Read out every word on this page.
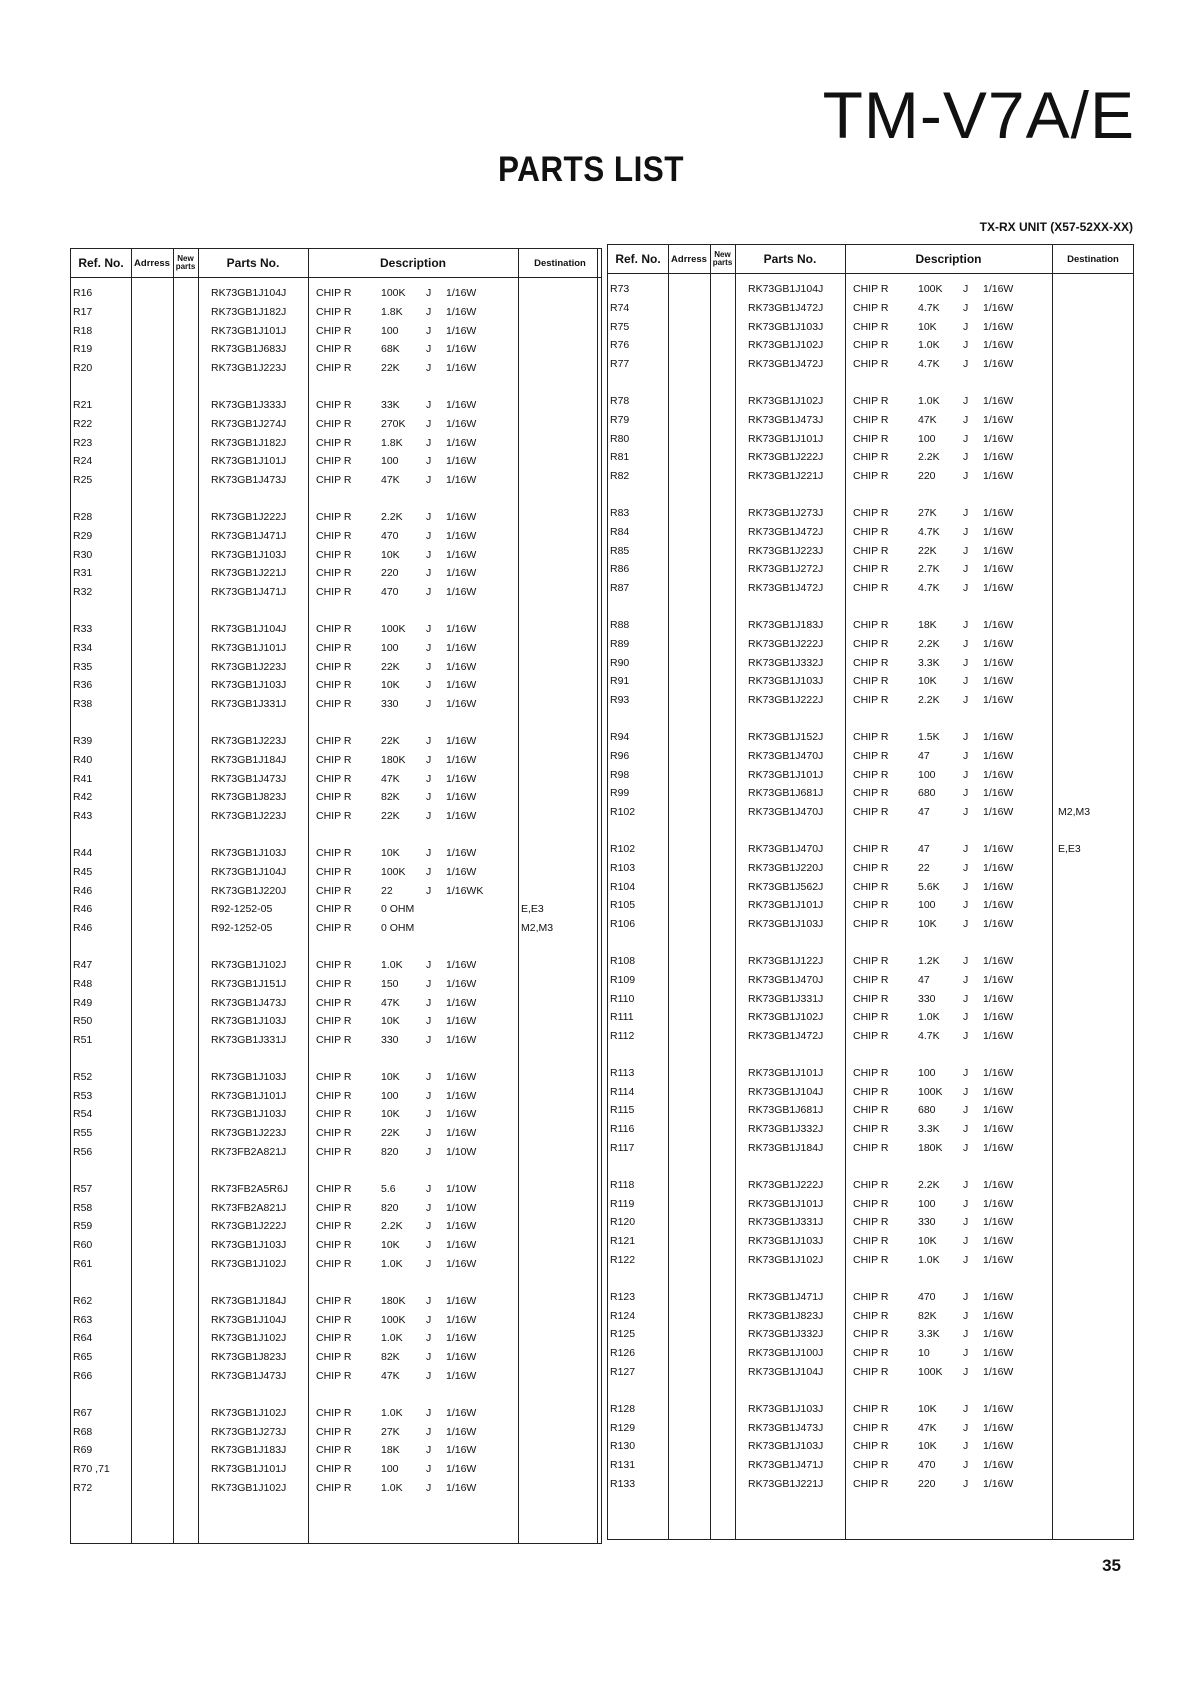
TM-V7A/E
PARTS LIST
TX-RX UNIT (X57-52XX-XX)
Ref. No.	Adrress New
parts	Parts No.	Description	Destination
R16	RK73GB1J104J	CHIP R	100K J 1/16W
R17	RK73GB1J182J	CHIP R	1.8K J 1/16W
R18	RK73GB1J101J	CHIP R	100	J 1/16W
R19	RK73GB1J683J	CHIP R	68K	J 1/16W
R20	RK73GB1J223J	CHIP R	22K	J 1/16W
R21	RK73GB1J333J	CHIP R	33K	J 1/16W
R22	RK73GB1J274J	CHIP R	270K J 1/16W
R23	RK73GB1J182J	CHIP R	1.8K J 1/16W
R24	RK73GB1J101J	CHIP R	100	J 1/16W
R25	RK73GB1J473J	CHIP R	47K	J 1/16W
R28	RK73GB1J222J	CHIP R	2.2K J 1/16W
R29	RK73GB1J471J	CHIP R	470	J 1/16W
R30	RK73GB1J103J	CHIP R	10K	J 1/16W
R31	RK73GB1J221J	CHIP R	220	J 1/16W
R32	RK73GB1J471J	CHIP R	470	J 1/16W
R33	RK73GB1J104J	CHIP R	100K J 1/16W
R34	RK73GB1J101J	CHIP R	100	J 1/16W
R35	RK73GB1J223J	CHIP R	22K	J 1/16W
R36	RK73GB1J103J	CHIP R	10K	J 1/16W
R38	RK73GB1J331J	CHIP R	330	J 1/16W
R39	RK73GB1J223J	CHIP R	22K	J 1/16W
R40	RK73GB1J184J	CHIP R	180K J 1/16W
R41	RK73GB1J473J	CHIP R	47K	J 1/16W
R42	RK73GB1J823J	CHIP R	82K	J 1/16W
R43	RK73GB1J223J	CHIP R	22K	J 1/16W
R44	RK73GB1J103J	CHIP R	10K	J 1/16W
R45	RK73GB1J104J	CHIP R	100K J 1/16W
R46	RK73GB1J220J	CHIP R	22	J 1/16WK
R46	R92-1252-05	CHIP R	0 OHM	E,E3
R46	R92-1252-05	CHIP R	0 OHM	M2,M3
R47	RK73GB1J102J	CHIP R	1.0K J 1/16W
R48	RK73GB1J151J	CHIP R	150	J 1/16W
R49	RK73GB1J473J	CHIP R	47K	J 1/16W
R50	RK73GB1J103J	CHIP R	10K	J 1/16W
R51	RK73GB1J331J	CHIP R	330	J 1/16W
R52	RK73GB1J103J	CHIP R	10K	J 1/16W
R53	RK73GB1J101J	CHIP R	100	J 1/16W
R54	RK73GB1J103J	CHIP R	10K	J 1/16W
R55	RK73GB1J223J	CHIP R	22K	J 1/16W
R56	RK73FB2A821J	CHIP R	820	J 1/10W
R57	RK73FB2A5R6J	CHIP R	5.6	J 1/10W
R58	RK73FB2A821J	CHIP R	820	J 1/10W
R59	RK73GB1J222J	CHIP R	2.2K J 1/16W
R60	RK73GB1J103J	CHIP R	10K	J 1/16W
R61	RK73GB1J102J	CHIP R	1.0K J 1/16W
R62	RK73GB1J184J	CHIP R	180K J 1/16W
R63	RK73GB1J104J	CHIP R	100K J 1/16W
R64	RK73GB1J102J	CHIP R	1.0K J 1/16W
R65	RK73GB1J823J	CHIP R	82K	J 1/16W
R66	RK73GB1J473J	CHIP R	47K	J 1/16W
R67	RK73GB1J102J	CHIP R	1.0K J 1/16W
R68	RK73GB1J273J	CHIP R	27K	J 1/16W
R69	RK73GB1J183J	CHIP R	18K	J 1/16W
R70 ,71	RK73GB1J101J	CHIP R	100	J 1/16W
R72	RK73GB1J102J	CHIP R	1.0K J 1/16W
Ref. No.	Adrress New
parts	Parts No.	Description	Destination
R73	RK73GB1J104J	CHIP R	100K J 1/16W
R74	RK73GB1J472J	CHIP R	4.7K J 1/16W
R75	RK73GB1J103J	CHIP R	10K	J 1/16W
R76	RK73GB1J102J	CHIP R	1.0K J 1/16W
R77	RK73GB1J472J	CHIP R	4.7K J 1/16W
R78	RK73GB1J102J	CHIP R	1.0K J 1/16W
R79	RK73GB1J473J	CHIP R	47K	J 1/16W
R80	RK73GB1J101J	CHIP R	100	J 1/16W
R81	RK73GB1J222J	CHIP R	2.2K J 1/16W
R82	RK73GB1J221J	CHIP R	220	J 1/16W
R83	RK73GB1J273J	CHIP R	27K	J 1/16W
R84	RK73GB1J472J	CHIP R	4.7K J 1/16W
R85	RK73GB1J223J	CHIP R	22K	J 1/16W
R86	RK73GB1J272J	CHIP R	2.7K J 1/16W
R87	RK73GB1J472J	CHIP R	4.7K J 1/16W
R88	RK73GB1J183J	CHIP R	18K	J 1/16W
R89	RK73GB1J222J	CHIP R	2.2K J 1/16W
R90	RK73GB1J332J	CHIP R	3.3K J 1/16W
R91	RK73GB1J103J	CHIP R	10K	J 1/16W
R93	RK73GB1J222J	CHIP R	2.2K J 1/16W
R94	RK73GB1J152J	CHIP R	1.5K J 1/16W
R96	RK73GB1J470J	CHIP R	47	J 1/16W
R98	RK73GB1J101J	CHIP R	100	J 1/16W
R99	RK73GB1J681J	CHIP R	680	J 1/16W
R102	RK73GB1J470J	CHIP R	47	J 1/16W	M2,M3
R102	RK73GB1J470J	CHIP R	47	J 1/16W	E,E3
R103	RK73GB1J220J	CHIP R	22	J 1/16W
R104	RK73GB1J562J	CHIP R	5.6K J 1/16W
R105	RK73GB1J101J	CHIP R	100	J 1/16W
R106	RK73GB1J103J	CHIP R	10K	J 1/16W
R108	RK73GB1J122J	CHIP R	1.2K J 1/16W
R109	RK73GB1J470J	CHIP R	47	J 1/16W
R110	RK73GB1J331J	CHIP R	330	J 1/16W
R111	RK73GB1J102J	CHIP R	1.0K J 1/16W
R112	RK73GB1J472J	CHIP R	4.7K J 1/16W
R113	RK73GB1J101J	CHIP R	100	J 1/16W
R114	RK73GB1J104J	CHIP R	100K J 1/16W
R115	RK73GB1J681J	CHIP R	680	J 1/16W
R116	RK73GB1J332J	CHIP R	3.3K J 1/16W
R117	RK73GB1J184J	CHIP R	180K J 1/16W
R118	RK73GB1J222J	CHIP R	2.2K J 1/16W
R119	RK73GB1J101J	CHIP R	100	J 1/16W
R120	RK73GB1J331J	CHIP R	330	J 1/16W
R121	RK73GB1J103J	CHIP R	10K	J 1/16W
R122	RK73GB1J102J	CHIP R	1.0K J 1/16W
R123	RK73GB1J471J	CHIP R	470	J 1/16W
R124	RK73GB1J823J	CHIP R	82K	J 1/16W
R125	RK73GB1J332J	CHIP R	3.3K J 1/16W
R126	RK73GB1J100J	CHIP R	10	J 1/16W
R127	RK73GB1J104J	CHIP R	100K J 1/16W
R128	RK73GB1J103J	CHIP R	10K	J 1/16W
R129	RK73GB1J473J	CHIP R	47K	J 1/16W
R130	RK73GB1J103J	CHIP R	10K	J 1/16W
R131	RK73GB1J471J	CHIP R	470	J 1/16W
R133	RK73GB1J221J	CHIP R	220	J 1/16W
35
